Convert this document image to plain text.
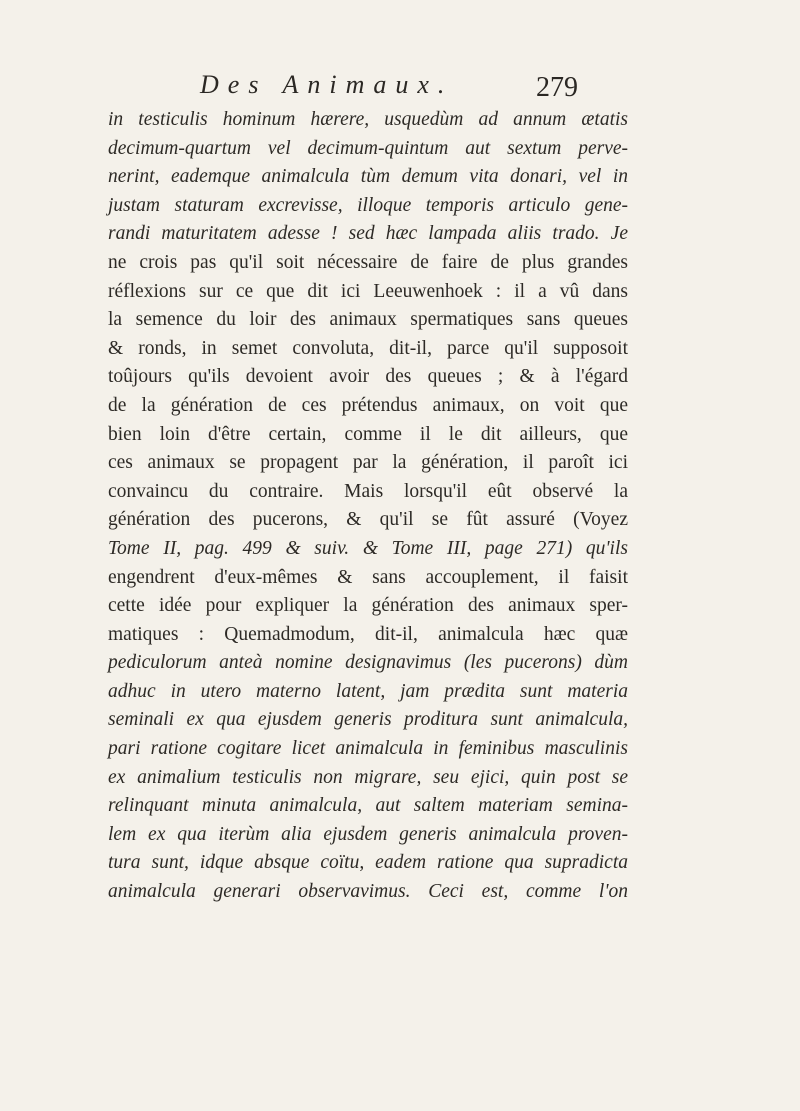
Des Animaux.	279
in testiculis hominum hærere, usquedùm ad annum ætatis
decimum-quartum vel decimum-quintum aut sextum perve-
nerint, eademque animalcula tùm demum vita donari, vel in
justam staturam excrevisse, illoque temporis articulo gene-
randi maturitatem adesse ! sed hæc lampada aliis trado. Je
ne crois pas qu'il soit nécessaire de faire de plus grandes
réflexions sur ce que dit ici Leeuwenhoek : il a vû dans
la semence du loir des animaux spermatiques sans queues
& ronds, in semet convoluta, dit-il, parce qu'il supposoit
toûjours qu'ils devoient avoir des queues ; & à l'égard
de la génération de ces prétendus animaux, on voit que
bien loin d'être certain, comme il le dit ailleurs, que
ces animaux se propagent par la génération, il paroît ici
convaincu du contraire. Mais lorsqu'il eût observé la
génération des pucerons, & qu'il se fût assuré (Voyez
Tome II, pag. 499 & suiv. & Tome III, page 271) qu'ils
engendrent d'eux-mêmes & sans accouplement, il faisit
cette idée pour expliquer la génération des animaux sper-
matiques : Quemadmodum, dit-il, animalcula hæc quæ
pediculorum anteà nomine designavimus (les pucerons) dùm
adhuc in utero materno latent, jam prædita sunt materia
seminali ex qua ejusdem generis proditura sunt animalcula,
pari ratione cogitare licet animalcula in feminibus masculinis
ex animalium testiculis non migrare, seu ejici, quin post se
relinquant minuta animalcula, aut saltem materiam semina-
lem ex qua iterùm alia ejusdem generis animalcula proven-
tura sunt, idque absque coïtu, eadem ratione qua supradicta
animalcula generari observavimus. Ceci est, comme l'on
